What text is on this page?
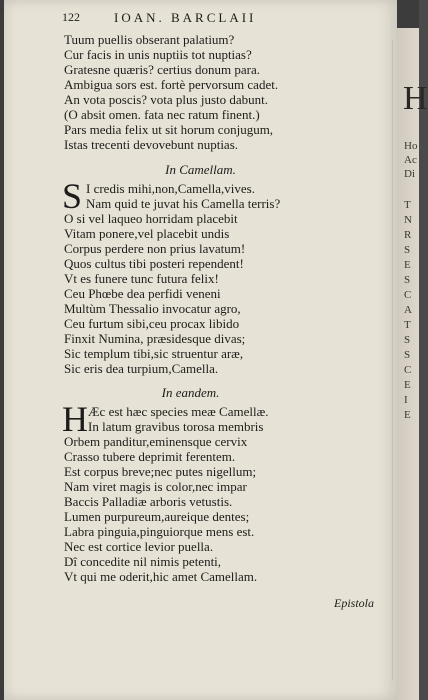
H
Ho
Ac
Di
T
N
R
S
E
S
C
A
T
S
S
C
E
I
E
122	IOAN. BARCLAII
Tuum puellis obserant palatium?
Cur facis in unis nuptiis tot nuptias?
Gratesne quæris? certius donum para.
Ambigua sors est. fortè pervorsum cadet.
An vota poscis? vota plus justo dabunt.
(O absit omen. fata nec ratum finent.)
Pars media felix ut sit horum conjugum,
Istas trecenti devovebunt nuptias.
In Camellam.
S I credis mihi,non,Camella,vives.
Nam quid te juvat his Camella terris?
O si vel laqueo horridam placebit
Vitam ponere,vel placebit undis
Corpus perdere non prius lavatum!
Quos cultus tibi posteri rependent!
Vt es funere tunc futura felix!
Ceu Phœbe dea perfidi veneni
Multùm Thessalio invocatur agro,
Ceu furtum sibi,ceu procax libido
Finxit Numina, præsidesque divas;
Sic templum tibi,sic struentur aræ,
Sic eris dea turpium,Camella.
In eandem.
H Æc est hæc species meæ Camellæ.
In latum gravibus torosa membris
Orbem panditur,eminensque cervix
Crasso tubere deprimit ferentem.
Est corpus breve;nec putes nigellum;
Nam viret magis is color,nec impar
Baccis Palladiæ arboris vetustis.
Lumen purpureum,aureique dentes;
Labra pinguia,pinguiorque mens est.
Nec est cortice levior puella.
Dî concedite nil nimis petenti,
Vt qui me oderit,hic amet Camellam.
Epistola
